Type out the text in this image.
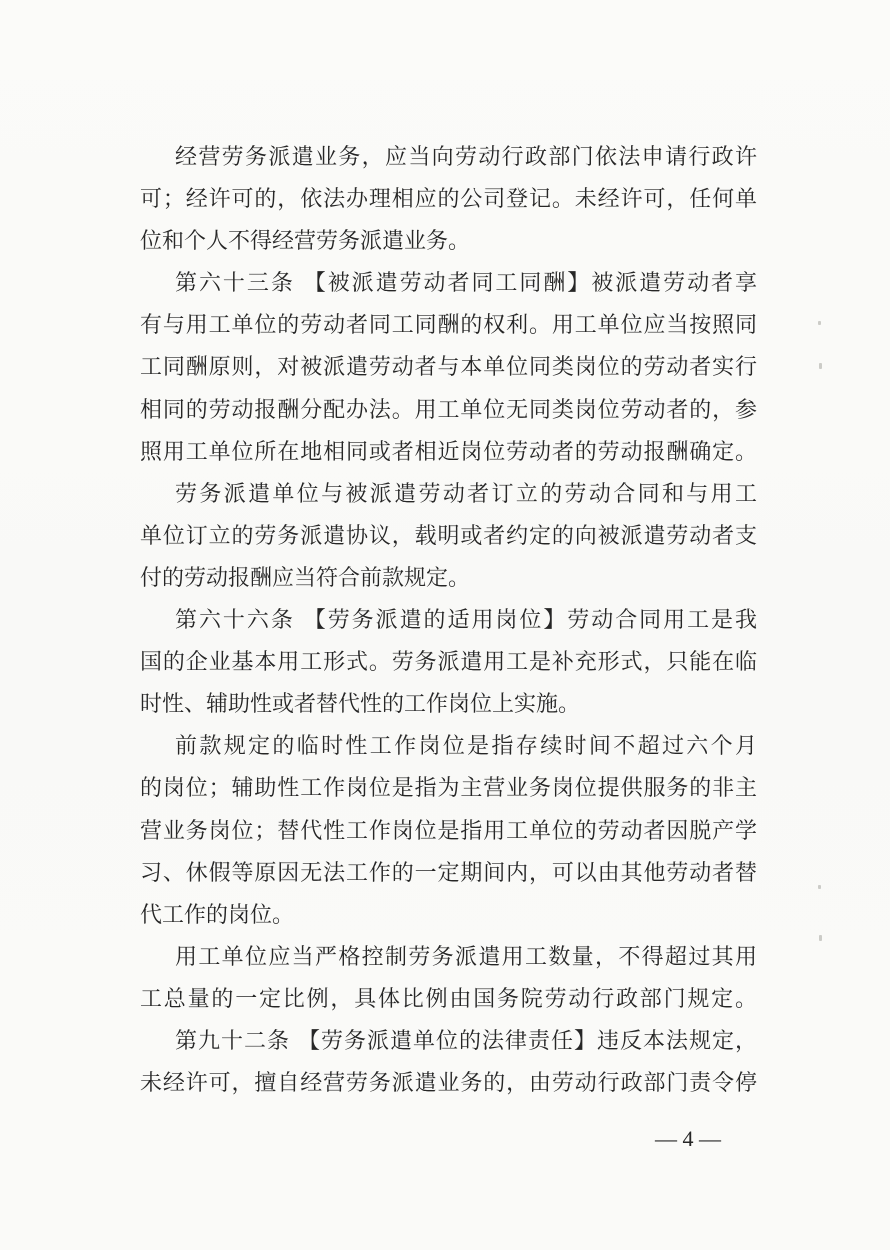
经营劳务派遣业务，应当向劳动行政部门依法申请行政许
可；经许可的，依法办理相应的公司登记。未经许可，任何单
位和个人不得经营劳务派遣业务。
第六十三条 【被派遣劳动者同工同酬】被派遣劳动者享
有与用工单位的劳动者同工同酬的权利。用工单位应当按照同
工同酬原则，对被派遣劳动者与本单位同类岗位的劳动者实行
相同的劳动报酬分配办法。用工单位无同类岗位劳动者的，参
照用工单位所在地相同或者相近岗位劳动者的劳动报酬确定。
劳务派遣单位与被派遣劳动者订立的劳动合同和与用工
单位订立的劳务派遣协议，载明或者约定的向被派遣劳动者支
付的劳动报酬应当符合前款规定。
第六十六条 【劳务派遣的适用岗位】劳动合同用工是我
国的企业基本用工形式。劳务派遣用工是补充形式，只能在临
时性、辅助性或者替代性的工作岗位上实施。
前款规定的临时性工作岗位是指存续时间不超过六个月
的岗位；辅助性工作岗位是指为主营业务岗位提供服务的非主
营业务岗位；替代性工作岗位是指用工单位的劳动者因脱产学
习、休假等原因无法工作的一定期间内，可以由其他劳动者替
代工作的岗位。
用工单位应当严格控制劳务派遣用工数量，不得超过其用
工总量的一定比例，具体比例由国务院劳动行政部门规定。
第九十二条 【劳务派遣单位的法律责任】违反本法规定，
未经许可，擅自经营劳务派遣业务的，由劳动行政部门责令停
— 4 —
